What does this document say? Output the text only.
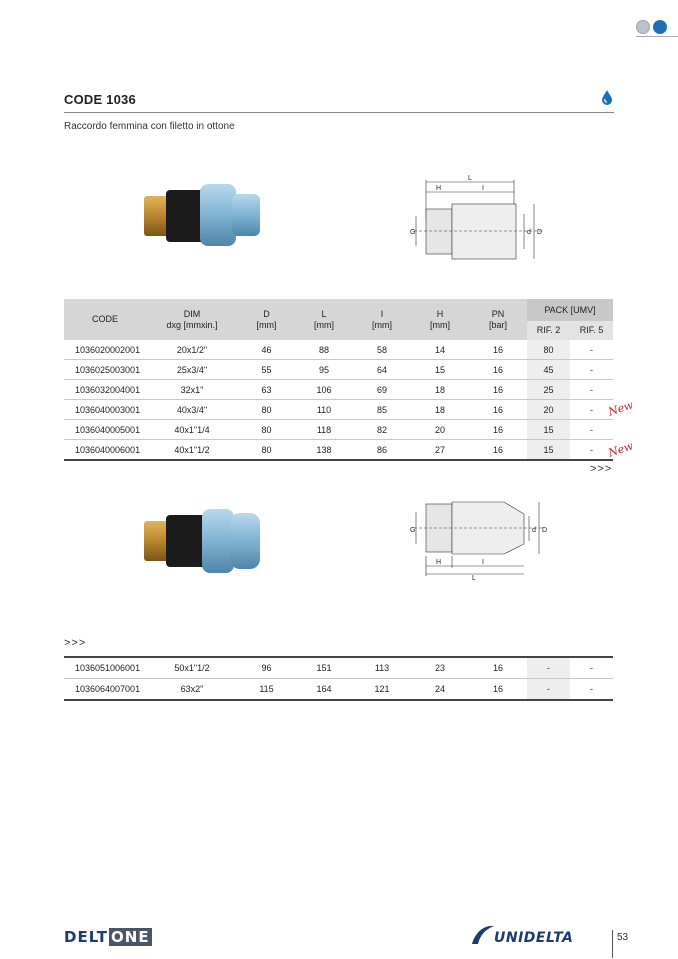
CODE 1036
Raccordo femmina con filetto in ottone
L
H	I
G	d D
CODE	DIM
dxg [mmxin.]	D
[mm]	L
[mm]	I
[mm]	H
[mm]	PN
[bar]	PACK [UMV]	
							RIF. 2	RIF. 5
1036020002001	20x1/2"	46	88	58	14	16	80	-
1036025003001	25x3/4"	55	95	64	15	16	45	-
1036032004001	32x1"	63	106	69	18	16	25	-
1036040003001	40x3/4"	80	110	85	18	16	20	-
1036040005001	40x1"1/4	80	118	82	20	16	15	-
1036040006001	40x1"1/2	80	138	86	27	16	15	-
New
New
>>>
G
H	I
L
d D
>>>
1036051006001	50x1"1/2	96	151	113	23	16	-	-
1036064007001	63x2"	115	164	121	24	16	-	-
DELT ONE	UNIDELTA	53
